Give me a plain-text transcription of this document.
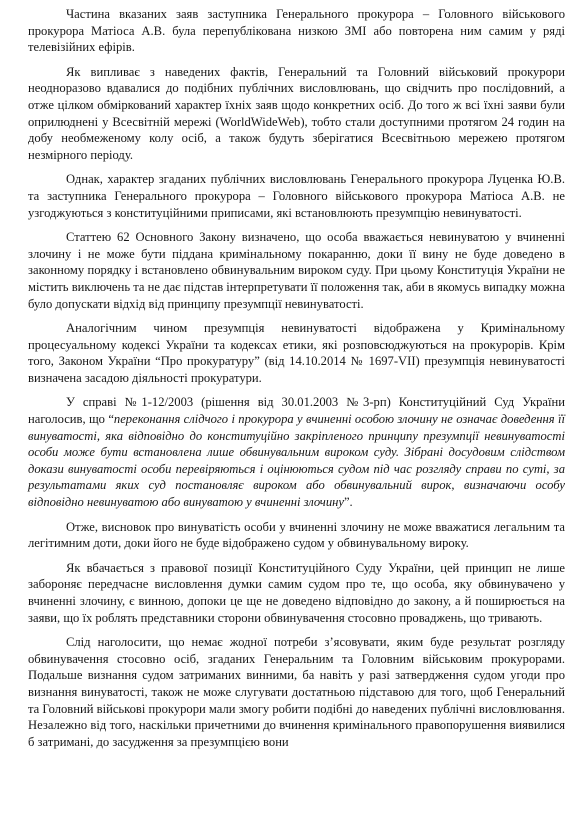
Частина вказаних заяв заступника Генерального прокурора – Головного військового прокурора Матіоса А.В. була перепублікована низкою ЗМІ або повторена ним самим у ряді телевізійних ефірів.

Як випливає з наведених фактів, Генеральний та Головний військовий прокурори неодноразово вдавалися до подібних публічних висловлювань, що свідчить про послідовний, а отже цілком обміркований характер їхніх заяв щодо конкретних осіб. До того ж всі їхні заяви були оприлюднені у Всесвітній мережі (WorldWideWeb), тобто стали доступними протягом 24 годин на добу необмеженому колу осіб, а також будуть зберігатися Всесвітньою мережею протягом незмірного періоду.

Однак, характер згаданих публічних висловлювань Генерального прокурора Луценка Ю.В. та заступника Генерального прокурора – Головного військового прокурора Матіоса А.В. не узгоджуються з конституційними приписами, які встановлюють презумпцію невинуватості.

Статтею 62 Основного Закону визначено, що особа вважається невинуватою у вчиненні злочину і не може бути піддана кримінальному покаранню, доки її вину не буде доведено в законному порядку і встановлено обвинувальним вироком суду. При цьому Конституція України не містить виключень та не дає підстав інтерпретувати її положення так, аби в якомусь випадку можна було допускати відхід від принципу презумпції невинуватості.

Аналогічним чином презумпція невинуватості відображена у Кримінальному процесуальному кодексі України та кодексах етики, які розповсюджуються на прокурорів. Крім того, Законом України “Про прокуратуру” (від 14.10.2014 № 1697-VII) презумпція невинуватості визначена засадою діяльності прокуратури.

У справі №1-12/2003 (рішення від 30.01.2003 №3-рп) Конституційний Суд України наголосив, що “переконання слідчого і прокурора у вчиненні особою злочину не означає доведення її винуватості, яка відповідно до конституційно закріпленого принципу презумпції невинуватості особи може бути встановлена лише обвинувальним вироком суду. Зібрані досудовим слідством докази винуватості особи перевіряються і оцінюються судом під час розгляду справи по суті, за результатами яких суд постановляє вироком або обвинувальний вирок, визначаючи особу відповідно невинуватою або винуватою у вчиненні злочину”.

Отже, висновок про винуватість особи у вчиненні злочину не може вважатися легальним та легітимним доти, доки його не буде відображено судом у обвинувальному вироку.

Як вбачається з правової позиції Конституційного Суду України, цей принцип не лише забороняє передчасне висловлення думки самим судом про те, що особа, яку обвинувачено у вчиненні злочину, є винною, допоки це ще не доведено відповідно до закону, а й поширюється на заяви, що їх роблять представники сторони обвинувачення стосовно проваджень, що тривають.

Слід наголосити, що немає жодної потреби з’ясовувати, яким буде результат розгляду обвинувачення стосовно осіб, згаданих Генеральним та Головним військовим прокурорами. Подальше визнання судом затриманих винними, ба навіть у разі затвердження судом угоди про визнання винуватості, також не може слугувати достатньою підставою для того, щоб Генеральний та Головний військові прокурори мали змогу робити подібні до наведених публічні висловлювання. Незалежно від того, наскільки причетними до вчинення кримінального правопорушення виявилися б затримані, до засудження за презумпцією вони
